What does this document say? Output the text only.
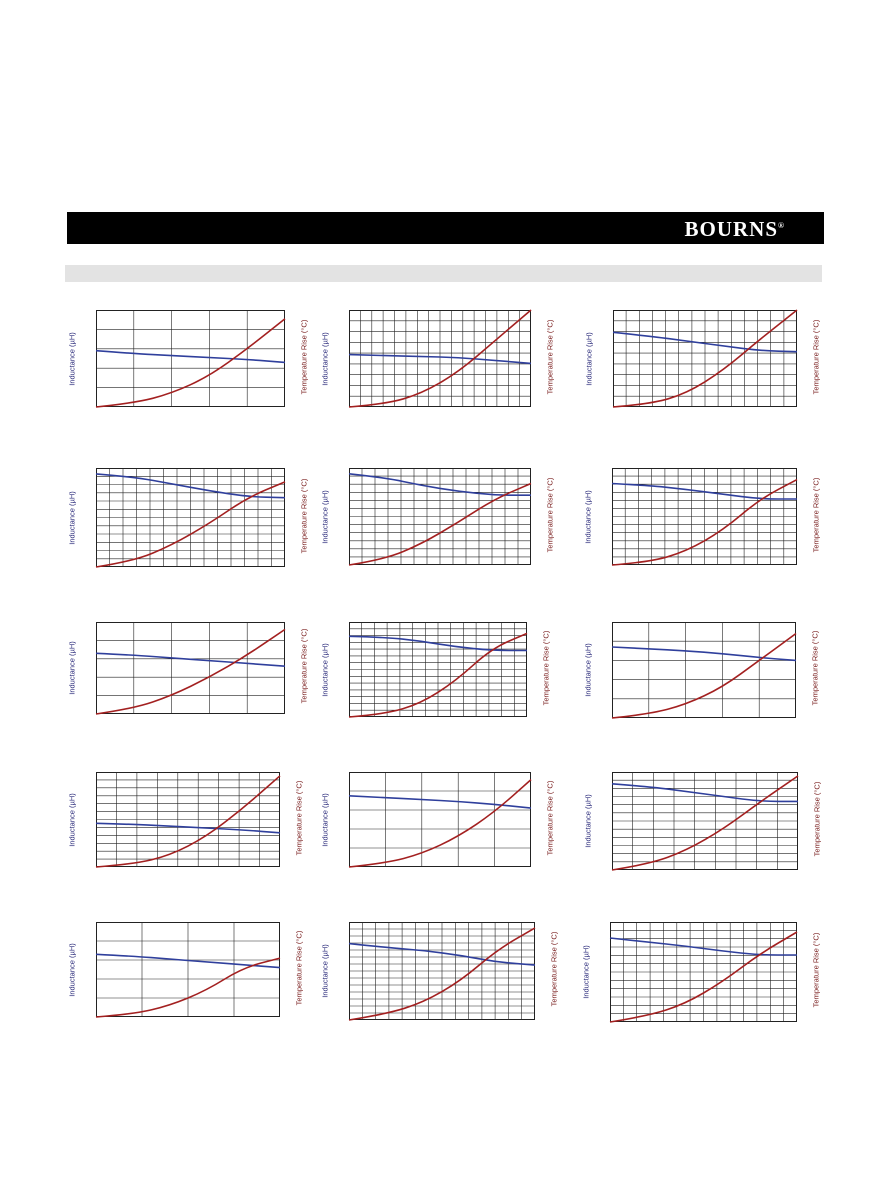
BOURNS®
Inductance (µH)	Temperature Rise (°C) Inductance (µH)	Temperature Rise (°C)	Inductance (µH)	Temperature Rise (°C)
Inductance (µH)	Temperature Rise (°C) Inductance (µH)	Temperature Rise (°C)	Inductance (µH)	Temperature Rise (°C)
Inductance (µH)	Temperature Rise (°C) Inductance (µH)	Temperature Rise (°C)	Inductance (µH)	Temperature Rise (°C)
Inductance (µH)	Temperature Rise (°C) Inductance (µH)	Temperature Rise (°C)	Inductance (µH)	Temperature Rise (°C)
Inductance (µH)	Temperature Rise (°C) Inductance (µH)	Temperature Rise (°C)	Inductance (µH)	Temperature Rise (°C)
